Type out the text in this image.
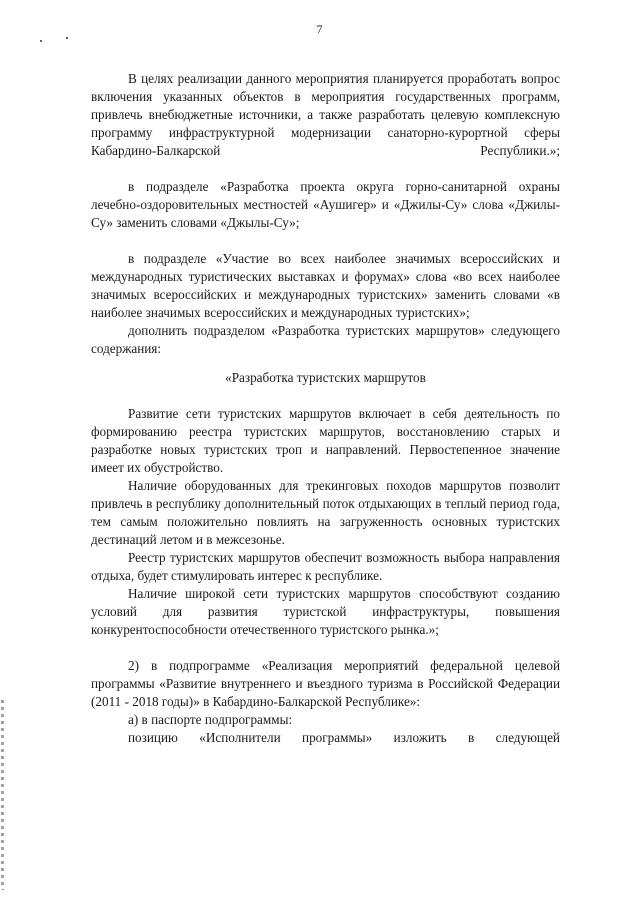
7

В целях реализации данного мероприятия планируется проработать вопрос включения указанных объектов в мероприятия государственных программ, привлечь внебюджетные источники, а также разработать целевую комплексную программу инфраструктурной модернизации санаторно-курортной сферы Кабардино-Балкарской Республики.»;

в подразделе «Разработка проекта округа горно-санитарной охраны лечебно-оздоровительных местностей «Аушигер» и «Джилы-Су» слова «Джилы-Су» заменить словами «Джылы-Су»;

в подразделе «Участие во всех наиболее значимых всероссийских и международных туристических выставках и форумах» слова «во всех наиболее значимых всероссийских и международных туристских» заменить словами «в наиболее значимых всероссийских и международных туристских»;

дополнить подразделом «Разработка туристских маршрутов» следующего содержания:

«Разработка туристских маршрутов

Развитие сети туристских маршрутов включает в себя деятельность по формированию реестра туристских маршрутов, восстановлению старых и разработке новых туристских троп и направлений. Первостепенное значение имеет их обустройство.

Наличие оборудованных для трекинговых походов маршрутов позволит привлечь в республику дополнительный поток отдыхающих в теплый период года, тем самым положительно повлиять на загруженность основных туристских дестинаций летом и в межсезонье.

Реестр туристских маршрутов обеспечит возможность выбора направления отдыха, будет стимулировать интерес к республике.

Наличие широкой сети туристских маршрутов способствуют созданию условий для развития туристской инфраструктуры, повышения конкурентоспособности отечественного туристского рынка.»;

2) в подпрограмме «Реализация мероприятий федеральной целевой программы «Развитие внутреннего и въездного туризма в Российской Федерации (2011 - 2018 годы)» в Кабардино-Балкарской Республике»:

а) в паспорте подпрограммы:

позицию «Исполнители программы» изложить в следующей
